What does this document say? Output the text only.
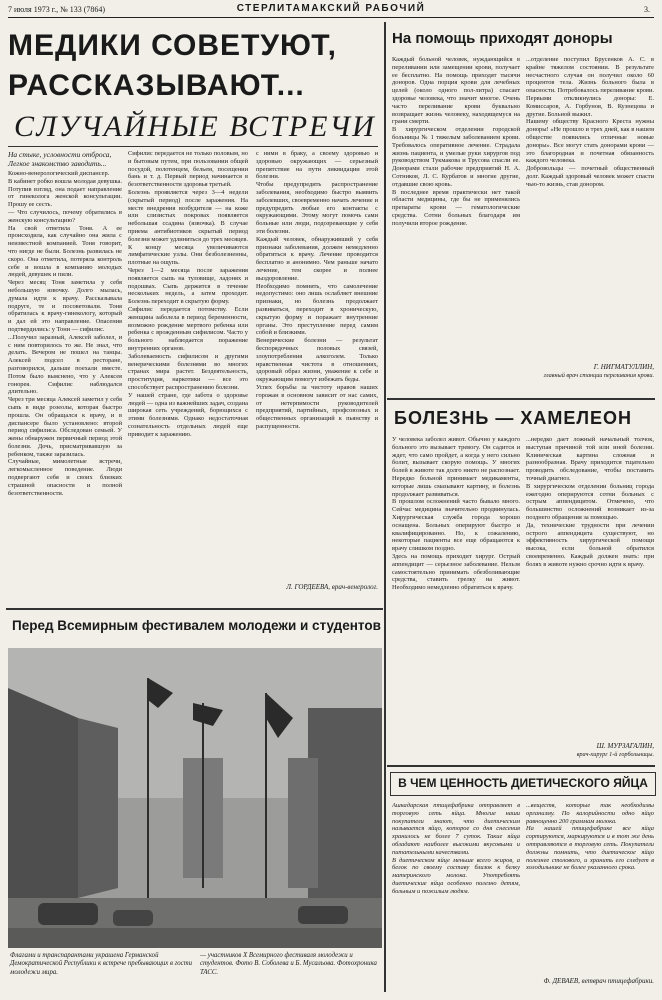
7 июля 1973 г., № 133 (7864)	СТЕРЛИТАМАКСКИЙ РАБОЧИЙ	3.
МЕДИКИ СОВЕТУЮТ,
РАССКАЗЫВАЮТ...
СЛУЧАЙНЫЕ ВСТРЕЧИ
На стыке, условности отброса, Легкое знакомство заводить...
Кожно-венерологический диспансер.
В кабинет робко вошла молодая девушка. Потупив взгляд, она подает направление от гинеколога женской консультации. Прошу ее сесть.
— Что случилось, почему обратились в женскую консультацию?
На свой ответила Тоня. А ее происходила, как случайно она жила с неизвестной компанией. Тоня говорит, что нигде не были. Болезнь развилась не скоро. Она отметила, потеряла контроль себе и вошла в компанию молодых людей, девушек и пили.
Через месяц Тоня заметила у себя небольшую язвочку. Долго мылась, думала идти к врачу. Рассказывала подруге, те и посоветовали. Тоня обратилась к врачу-гинекологу, который и дал ей это направление. Опасения подтвердились: у Тони — сифилис.
...Получил заразный, Алексей заболел, и с ним повторилось то же. Не знал, что делать. Вечером не пошел на танцы. Алексей подсел в ресторане, разговорился, дальше поехали вместе. Потом было выяснено, что у Алексея гонорея. Сифилис наблюдался длительно.
Через три месяца Алексей заметил у себя сыпь в виде розеолы, которая быстро прошла. Он обращался к врачу, и в диспансере было установлено: второй период сифилиса. Обследован семьей. У жены обнаружен первичный период этой болезни. Дочь, присматривавшую за ребенком, также заразилась.
Случайные, мимолетные встречи, легкомысленное поведение. Люди подвергают себя и своих близких страшной опасности и полной безответственности.
Сифилис передается не только половым, но и бытовым путем, при пользовании общей посудой, полотенцем, бельем, посещении бань и т. д. Первый период начинается в безответственности здоровья третьей.
Болезнь проявляется через 3—4 недели (скрытый период) после заражения. На месте внедрения возбудителя — на коже или слизистых покровах появляется небольшая ссадина (язвочка). В случае приема антибиотиков скрытый период болезни может удлиниться до трех месяцев. К концу месяца увеличиваются лимфатические узлы. Они безболезненны, плотные на ощупь.
Через 1—2 месяца после заражения появляется сыпь на туловище, ладонях и подошвах. Сыпь держится в течение нескольких недель, а затем проходит. Болезнь переходит в скрытую форму.
Сифилис передается потомству. Если женщина заболела в период беременности, возможно рождение мертвого ребенка или ребенка с врожденным сифилисом. Часто у больного наблюдается поражение внутренних органов.
Заболеваемость сифилисом и другими венерическими болезнями во многих странах мира растет. Бездеятельность, проституция, наркотики — все это способствует распространению болезни.
У нашей стране, где забота о здоровье людей — одна из важнейших задач, создана широкая сеть учреждений, борющихся с этими болезнями. Однако недостаточная сознательность отдельных людей еще приводит к заражению.
с ними в браку, а своему здоровью и здоровью окружающих — серьезный препятствие на пути ликвидации этой болезни.
Чтобы предупредить распространение заболевания, необходимо быстро выявить заболевших, своевременно начать лечение и предупредить любые его контакты с окружающими. Этому могут помочь сами больные или люди, подозревающие у себя эти болезни.
Каждый человек, обнаруживший у себя признаки заболевания, должен немедленно обратиться к врачу. Лечение проводится бесплатно и анонимно. Чем раньше начато лечение, тем скорее и полнее выздоровление.
Необходимо помнить, что самолечение недопустимо: оно лишь ослабляет внешние признаки, но болезнь продолжает развиваться, переходит в хроническую, скрытую форму и поражает внутренние органы. Это преступление перед самим собой и близкими.
Венерические болезни — результат беспорядочных половых связей, злоупотребления алкоголем. Только нравственная чистота в отношениях, здоровый образ жизни, уважение к себе и окружающим помогут избежать беды.
Успех борьбы за чистоту нравов наших горожан в основном зависит от нас самих, от нетерпимости руководителей предприятий, партийных, профсоюзных и общественных организаций к пьянству и распущенности.
Л. ГОРДЕЕВА, врач-венеролог.
Перед Всемирным фестивалем молодежи и студентов
Флагами и транспарантами украшена Германской Демократической Республики к встрече пребывающих в гости молодежи мира.
— участников X Всемирного фестиваля молодежи и студентов. Фото В. Соболева и Б. Мусальова. Фотохроника ТАСС.
На помощь приходят доноры
Каждый больной человек, нуждающийся в переливании или замещении крови, получает ее бесплатно. На помощь приходят тысячи доноров. Одна порция крови для лечебных целей (около одного пол-литра) спасает здоровье человека, что значит многое. Очень часто переливание крови буквально возвращает жизнь человеку, находящемуся на грани смерти.
В хирургическом отделении городской больницы № 1 тяжелым заболеванием крови. Требовалось оперативное лечение. Страдала жизнь пациента, и умелые руки хирургов под руководством Тукмакова и Трусова спасли ее. Донорами стали рабочие предприятий Н. А. Сотников, Л. С. Курбатов и многие другие, отдавшие свою кровь.
В последнее время практически нет такой области медицины, где бы не применялись препараты крови — гематологические средства. Сотни больных благодаря им получили второе рождение.
...отделение поступил Брусенков А. С. в крайне тяжелом состоянии. В результате несчастного случая он получил около 60 процентов тела. Жизнь больного была в опасности. Потребовалось переливание крови. Первыми откликнулись доноры: Е. Комиссаров, А. Горбунов, В. Кузнецова и другие. Больной выжил.
Нашему обществу Красного Креста нужны доноры! «Не прошло и трех дней, как в нашем обществе появились отличные новые доноры». Все могут стать донорами крови — это благородная и почетная обязанность каждого человека.
Добровольцы — почетный общественный долг. Каждый здоровый человек может спасти чью-то жизнь, став донором.
Г. НИГМАТУЛЛИН,
главный врач станции переливания крови.
БОЛЕЗНЬ — ХАМЕЛЕОН
У человека заболел живот. Обычно у каждого больного это вызывает тревогу. Он садится и ждет, что само пройдет, а когда у него сильно болит, вызывает скорую помощь. У многих болей в животе так долго никто не распознает. Нередко больной принимает медикаменты, которые лишь смазывают картину, и болезнь продолжает развиваться.
В прошлом осложнений часто бывало много. Сейчас медицина значительно продвинулась. Хирургическая служба города хорошо оснащена. Больных оперируют быстро и квалифицированно. Но, к сожалению, некоторые пациенты все еще обращаются к врачу слишком поздно.
Здесь на помощь приходит хирург. Острый аппендицит — серьезное заболевание. Нельзя самостоятельно принимать обезболивающие средства, ставить грелку на живот. Необходимо немедленно обратиться к врачу.
...нередко дает ложный начальный толчок, выступая причиной той или иной болезни. Клиническая картина сложная и разнообразная. Врачу приходится тщательно проводить обследование, чтобы поставить точный диагноз.
В хирургическом отделении больниц города ежегодно оперируются сотни больных с острым аппендицитом. Отмечено, что большинство осложнений возникает из-за позднего обращения за помощью.
Да, технические трудности при лечении острого аппендицита существуют, но эффективность хирургической помощи высока, если больной обратился своевременно. Каждый должен знать: при болях в животе нужно срочно идти к врачу.
Ш. МУРЗАГАЛИН,
врач-хирург 1-й горбольницы.
В ЧЕМ ЦЕННОСТЬ ДИЕТИЧЕСКОГО ЯЙЦА
Ашкадарская птицефабрика отправляет в торговую сеть яйца. Многие наши покупатели знают, что диетическим называется яйцо, которое со дня снесения хранилось не более 7 суток. Такие яйца обладают наиболее высокими вкусовыми и питательными качествами.
В диетическом яйце меньше всего жиров, а белок по своему составу близок к белку материнского молока. Употреблять диетические яйца особенно полезно детям, больным и пожилым людям.
...веществ, которые так необходимы организму. По калорийности одно яйцо равноценно 200 граммам молока.
На нашей птицефабрике все яйца сортируются, маркируются и в тот же день отправляются в торговую сеть. Покупатели должны помнить, что диетическое яйцо полезнее столового, и хранить его следует в холодильнике не более указанного срока.
Ф. ДЕВАЕВ, ветврач птицефабрики.
